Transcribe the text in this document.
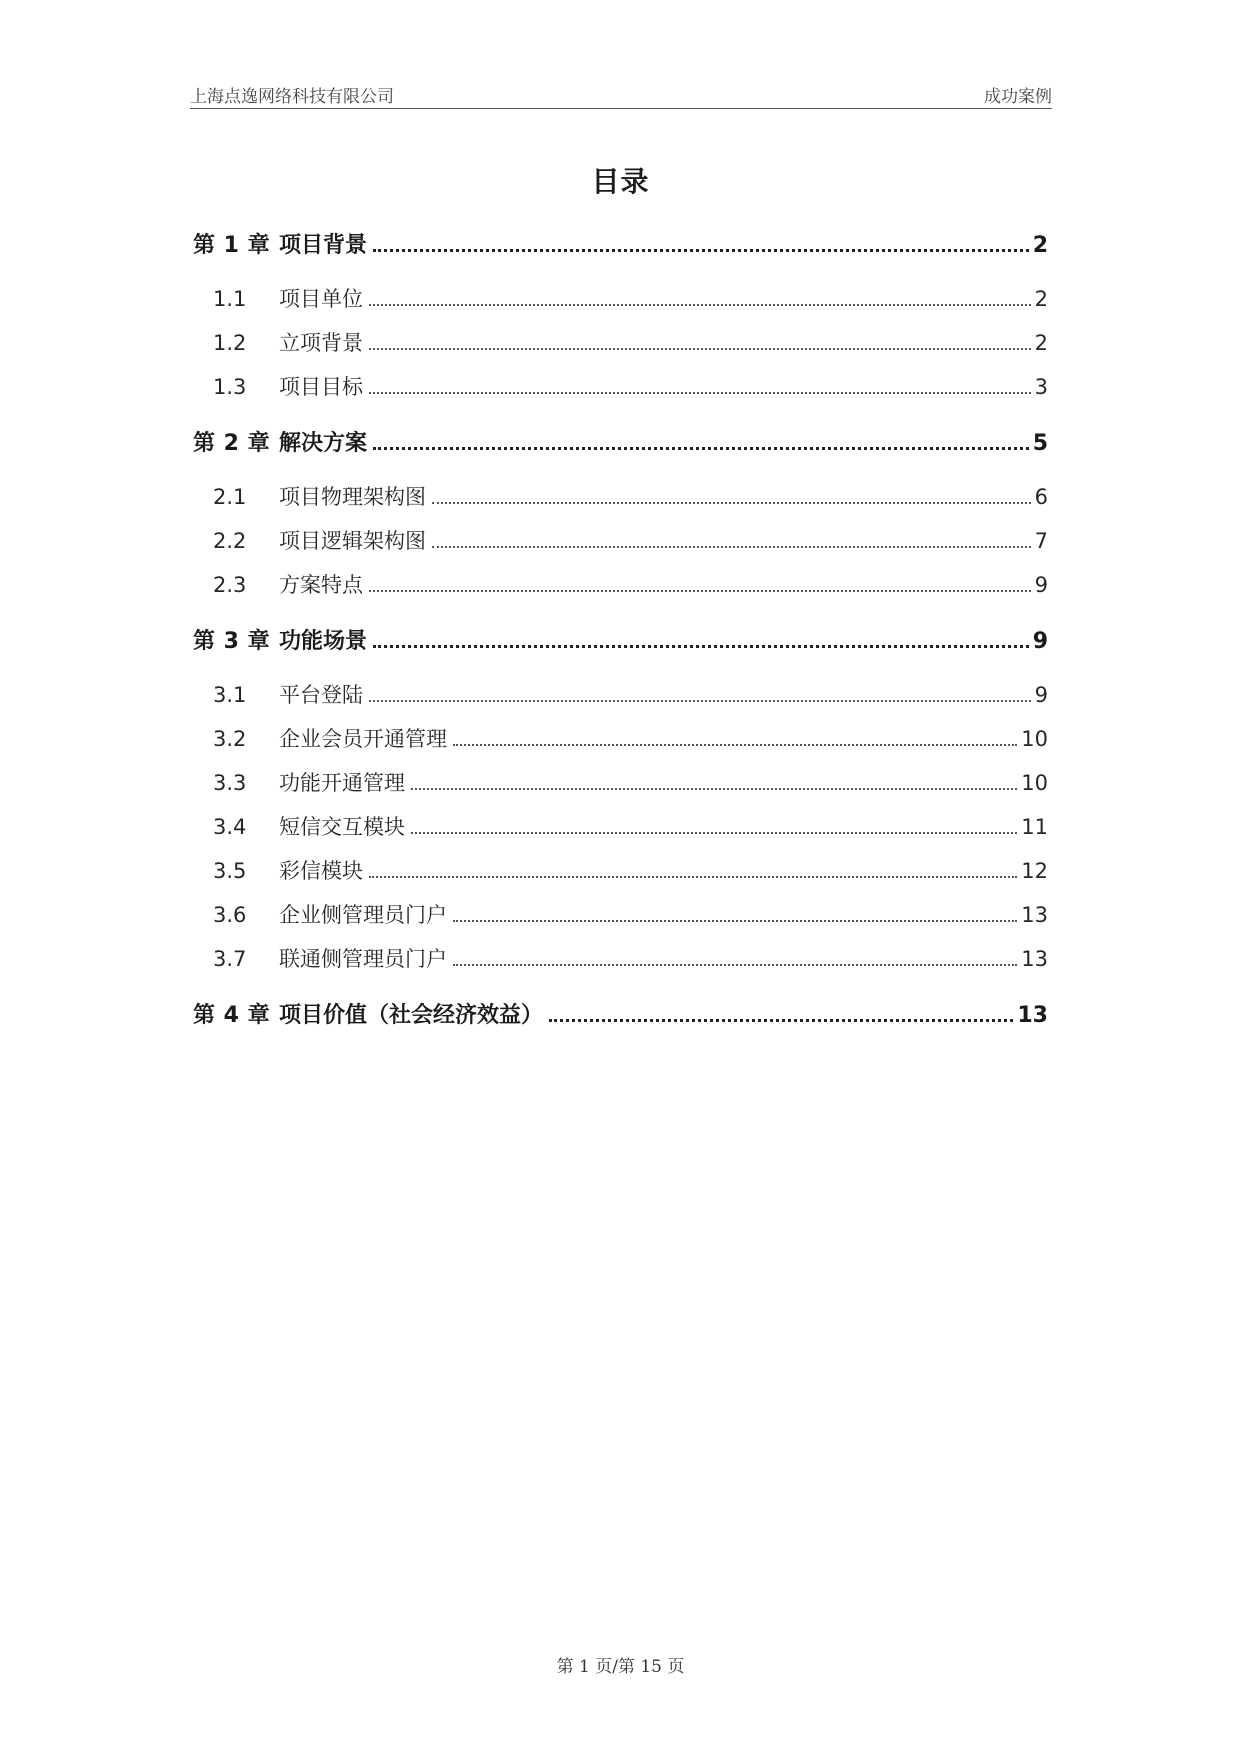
上海点逸网络科技有限公司	成功案例
目录
第 1 章 项目背景	2
1.1	项目单位	2
1.2	立项背景	2
1.3	项目目标	3
第 2 章 解决方案	5
2.1	项目物理架构图	6
2.2	项目逻辑架构图	7
2.3	方案特点	9
第 3 章 功能场景	9
3.1	平台登陆	9
3.2	企业会员开通管理	10
3.3	功能开通管理	10
3.4	短信交互模块	11
3.5	彩信模块	12
3.6	企业侧管理员门户	13
3.7	联通侧管理员门户	13
第 4 章 项目价值（社会经济效益）	13
第 1 页/第 15 页
